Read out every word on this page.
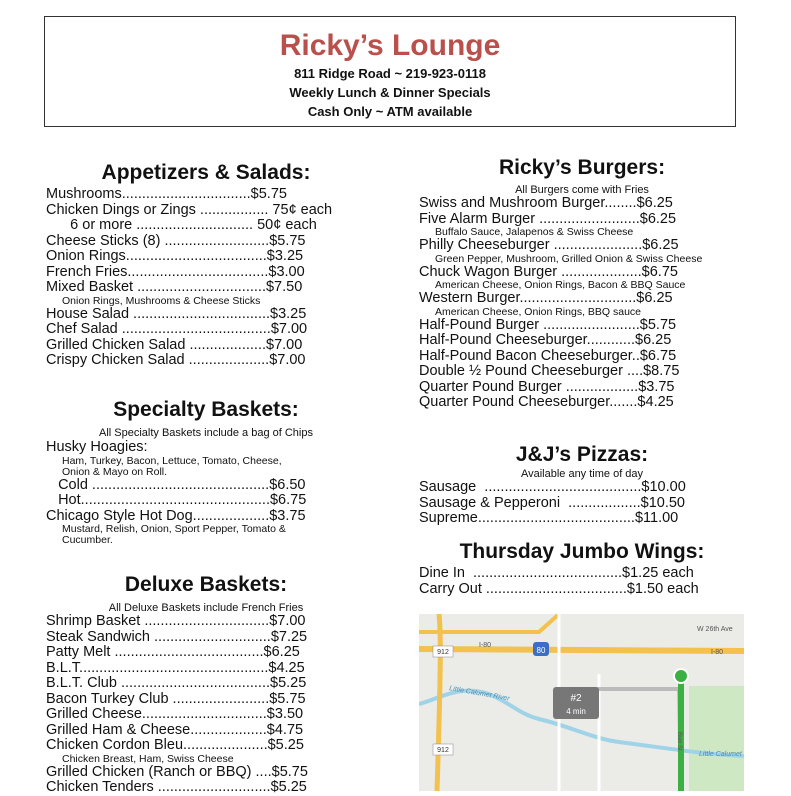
Ricky’s Lounge
811 Ridge Road ~ 219-923-0118
Weekly Lunch & Dinner Specials
Cash Only ~ ATM available
Appetizers & Salads:
Mushrooms................................$5.75
Chicken Dings or Zings ................. 75¢ each
6 or more ............................. 50¢ each
Cheese Sticks (8) ..........................$5.75
Onion Rings...................................$3.25
French Fries...................................$3.00
Mixed Basket ................................$7.50
Onion Rings, Mushrooms & Cheese Sticks
House Salad ..................................$3.25
Chef Salad .....................................$7.00
Grilled Chicken Salad ...................$7.00
Crispy Chicken Salad ....................$7.00
Specialty Baskets:
All Specialty Baskets include a bag of Chips
Husky Hoagies:
Ham, Turkey, Bacon, Lettuce, Tomato, Cheese,
Onion & Mayo on Roll.
Cold ............................................$6.50
Hot...............................................$6.75
Chicago Style Hot Dog...................$3.75
Mustard, Relish, Onion, Sport Pepper, Tomato &
Cucumber.
Deluxe Baskets:
All Deluxe Baskets include French Fries
Shrimp Basket ...............................$7.00
Steak Sandwich .............................$7.25
Patty Melt .....................................$6.25
B.L.T...............................................$4.25
B.L.T. Club .....................................$5.25
Bacon Turkey Club ........................$5.75
Grilled Cheese...............................$3.50
Grilled Ham & Cheese...................$4.75
Chicken Cordon Bleu.....................$5.25
Chicken Breast, Ham, Swiss Cheese
Grilled Chicken (Ranch or BBQ) ....$5.75
Chicken Tenders ............................$5.25
Ricky’s Burgers:
All Burgers come with Fries
Swiss and Mushroom Burger........$6.25
Five Alarm Burger .........................$6.25
Buffalo Sauce, Jalapenos & Swiss Cheese
Philly Cheeseburger ......................$6.25
Green Pepper, Mushroom, Grilled Onion & Swiss Cheese
Chuck Wagon Burger ....................$6.75
American Cheese, Onion Rings, Bacon & BBQ Sauce
Western Burger.............................$6.25
American Cheese, Onion Rings, BBQ sauce
Half-Pound Burger ........................$5.75
Half-Pound Cheeseburger............$6.25
Half-Pound Bacon Cheeseburger..$6.75
Double ½ Pound Cheeseburger ....$8.75
Quarter Pound Burger ..................$3.75
Quarter Pound Cheeseburger.......$4.25
J&J’s Pizzas:
Available any time of day
Sausage  .......................................$10.00
Sausage & Pepperoni  ..................$10.50
Supreme.......................................$11.00
Thursday Jumbo Wings:
Dine In  .....................................$1.25 each
Carry Out ...................................$1.50 each
#2
4 min
80
I-80
I-80
912
912
W 26th Ave
Little Calumet River
Little Calumet
Burr St
